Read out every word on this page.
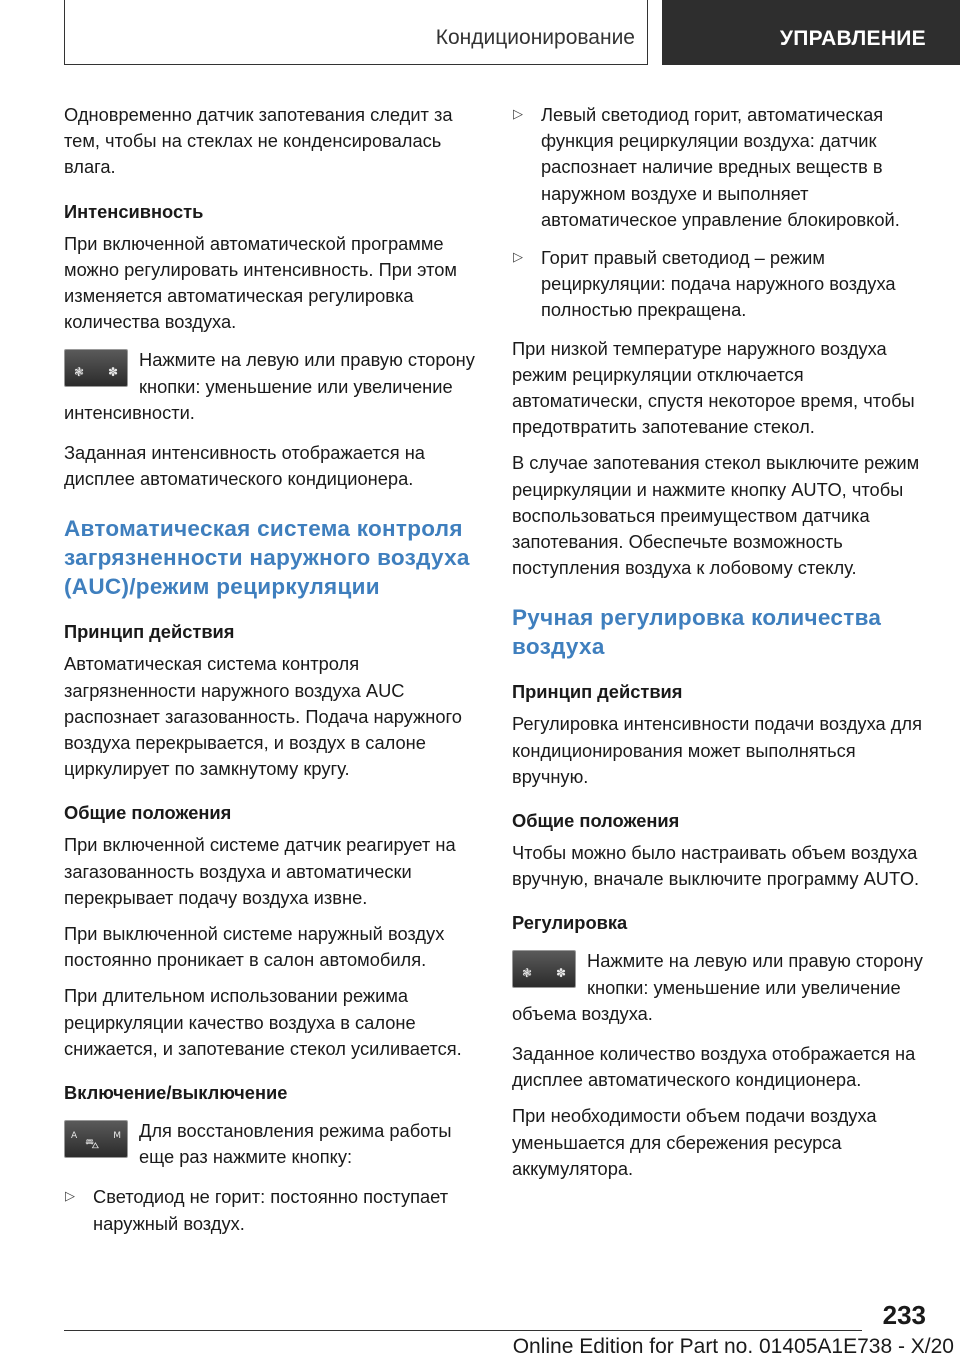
Кондиционирование	УПРАВЛЕНИЕ

Одновременно датчик запотевания следит за тем, чтобы на стеклах не конденсировалась влага.

Интенсивность

При включенной автоматической программе можно регулировать интенсивность. При этом изменяется автоматическая регулировка количества воздуха.

❃ ✽
Нажмите на левую или правую сторону кнопки: уменьшение или увеличение интенсивности.

Заданная интенсивность отображается на дисплее автоматического кондиционера.

Автоматическая система контроля загрязненности наружного воздуха (AUC)/режим рециркуляции
Принцип действия

Автоматическая система контроля загрязненности наружного воздуха AUC распознает загазованность. Подача наружного воздуха перекрывается, и воздух в салоне циркулирует по замкнутому кругу.

Общие положения

При включенной системе датчик реагирует на загазованность воздуха и автоматически перекрывает подачу воздуха извне.

При выключенной системе наружный воздух постоянно проникает в салон автомобиля.

При длительном использовании режима рециркуляции качество воздуха в салоне снижается, и запотевание стекол усиливается.

Включение/выключение
A	M
⛍
Для восстановления режима работы еще раз нажмите кнопку:
▷ Светодиод не горит: постоянно поступает наружный воздух.
▷ Левый светодиод горит, автоматическая функция рециркуляции воздуха: датчик распознает наличие вредных веществ в наружном воздухе и выполняет автоматическое управление блокировкой.
▷ Горит правый светодиод – режим рециркуляции: подача наружного воздуха полностью прекращена.

При низкой температуре наружного воздуха режим рециркуляции отключается автоматически, спустя некоторое время, чтобы предотвратить запотевание стекол.

В случае запотевания стекол выключите режим рециркуляции и нажмите кнопку AUTO, чтобы воспользоваться преимуществом датчика запотевания. Обеспечьте возможность поступления воздуха к лобовому стеклу.

Ручная регулировка количества воздуха
Принцип действия

Регулировка интенсивности подачи воздуха для кондиционирования может выполняться вручную.

Общие положения

Чтобы можно было настраивать объем воздуха вручную, вначале выключите программу AUTO.

Регулировка
❃ ✽
Нажмите на левую или правую сторону кнопки: уменьшение или увеличение объема воздуха.

Заданное количество воздуха отображается на дисплее автоматического кондиционера.

При необходимости объем подачи воздуха уменьшается для сбережения ресурса аккумулятора.

233
Online Edition for Part no. 01405A1E738 - X/20
